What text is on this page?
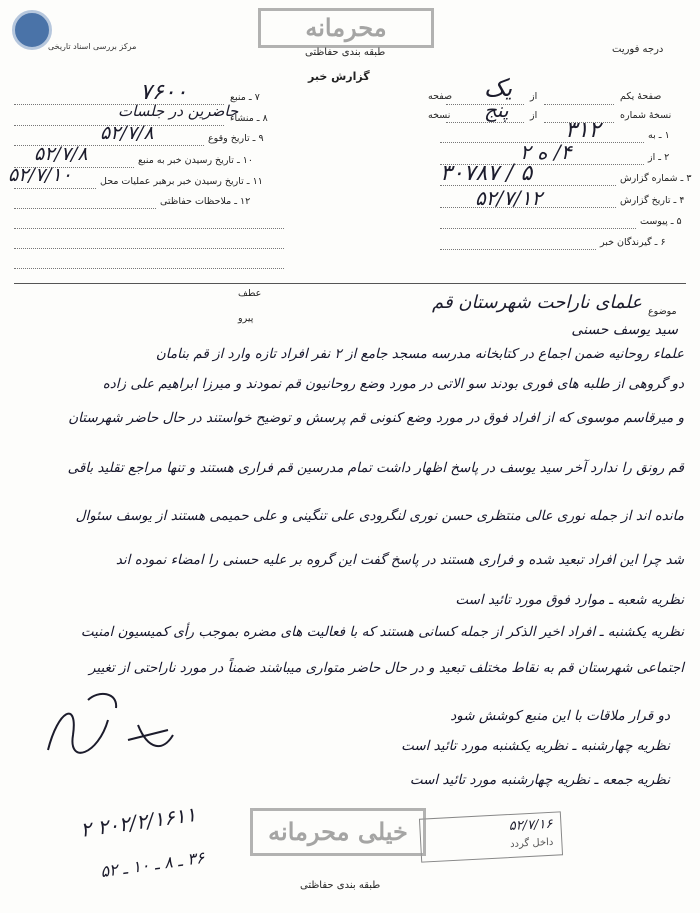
مرکز بررسی اسناد تاریخی
محرمانه
طبقه بندی حفاظتی
گزارش خبر
درجه فوریت
صفحهٔ یکم
از
یک
صفحه
نسخهٔ شماره
از
پنج
نسخه
۱ ـ به
۲ ـ از
۳ ـ شماره گزارش
۴ ـ تاریخ گزارش
۵ ـ پیوست
۶ ـ گیرندگان خبر
۳۱۲
۴/ ه ۲
۵ / ۳۰۷۸۷
۵۲/۷/۱۲
۷ ـ منبع
۸ ـ منشاء
۹ ـ تاریخ وقوع
۱۰ ـ تاریخ رسیدن خبر به منبع
۱۱ ـ تاریخ رسیدن خبر برهبر عملیات محل
۱۲ ـ ملاحظات حفاظتی
۷۶۰۰
حاضرین در جلسات
۵۲/۷/۸
۵۲/۷/۸
۵۲/۷/۱۰
عطف
پیرو
موضوع
علمای ناراحت شهرستان قم
سید یوسف حسنی
علماء روحانیه ضمن اجماع در کتابخانه مدرسه مسجد جامع از ۲ نفر افراد تازه وارد از قم بنامان
دو گروهی از طلبه های فوری بودند سو الاتی در مورد وضع روحانیون قم نمودند و میرزا ابراهیم علی زاده
و میرقاسم موسوی که از افراد فوق در مورد وضع کنونی قم پرسش و توضیح خواستند در حال حاضر شهرستان
قم رونق را ندارد آخر سید یوسف در پاسخ اظهار داشت تمام مدرسین قم فراری هستند و تنها مراجع تقلید باقی
مانده اند از جمله نوری عالی منتظری حسن نوری لنگرودی علی تنگینی و علی حمیمی هستند از یوسف سئوال
شد چرا این افراد تبعید شده و فراری هستند در پاسخ گفت این گروه بر علیه حسنی را امضاء نموده اند
نظریه شعبه ـ موارد فوق مورد تائید است
نظریه یکشنبه ـ افراد اخیر الذکر از جمله کسانی هستند که با فعالیت های مضره بموجب رأی کمیسیون امنیت
اجتماعی شهرستان قم به نقاط مختلف تبعید و در حال حاضر متواری میباشند ضمناً در مورد ناراحتی از تغییر
دو قرار ملاقات با این منبع کوشش شود
نظریه چهارشنبه ـ نظریه یکشنبه مورد تائید است
نظریه جمعه ـ نظریه چهارشنبه مورد تائید است
۲۰۲/۲/۱۶۱۱ ۲
۳۶ ـ ۸ ـ ۱۰ ـ ۵۲
۵۲/۷/۱۶
داخل گردد
خیلی محرمانه
طبقه بندی حفاظتی
